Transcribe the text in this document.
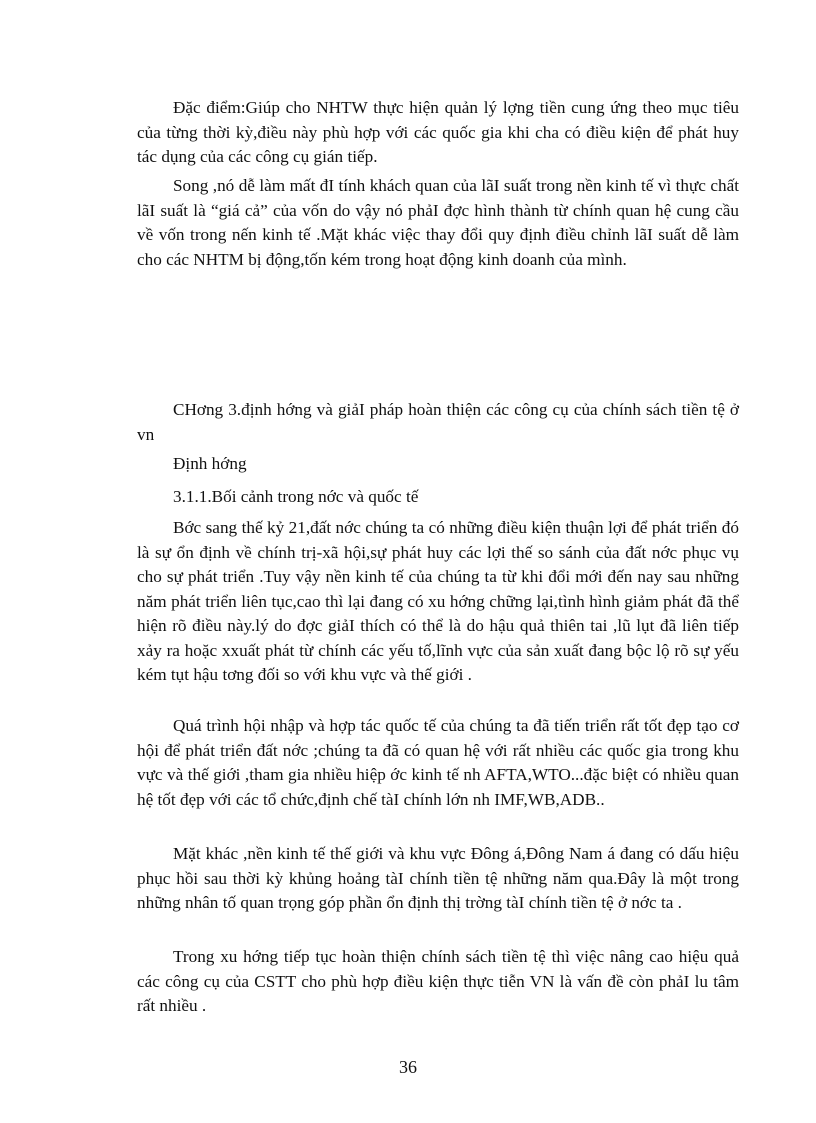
Đặc điểm:Giúp cho NHTW thực hiện quản lý lợng tiền cung ứng theo mục tiêu của từng thời kỳ,điều này phù hợp với các quốc gia khi cha có điều kiện để phát huy tác dụng của các công cụ gián tiếp.

Song ,nó dễ làm mất đI tính khách quan của lãI suất trong nền kinh tế vì thực chất lãI suất là “giá cả” của vốn do vậy nó phảI đợc hình thành từ chính quan hệ cung cầu về vốn trong nến kinh tế .Mặt khác việc thay đổi quy định điều chỉnh lãI suất dễ làm cho các NHTM bị động,tốn kém trong hoạt động kinh doanh của mình.

CHơng 3.định hớng và giảI pháp hoàn thiện các công cụ của chính sách tiền tệ ở vn

Định hớng

3.1.1.Bối cảnh trong nớc và quốc tế

Bớc sang thế kỷ 21,đất nớc chúng ta có những điều kiện thuận lợi để phát triển đó là sự ổn định về chính trị-xã hội,sự phát huy các lợi thế so sánh của đất nớc phục vụ cho sự phát triển .Tuy vậy nền kinh tế của chúng ta từ khi đổi mới đến nay sau những năm phát triển liên tục,cao thì lại đang có xu hớng chững lại,tình hình giảm phát đã thể hiện rõ điều này.lý do đợc giảI thích có thể là do hậu quả thiên tai ,lũ lụt đã liên tiếp xảy ra hoặc xxuất phát từ chính các yếu tố,lĩnh vực của sản xuất đang bộc lộ rõ sự yếu kém tụt hậu tơng đối so với khu vực và thế giới .

Quá trình hội nhập và hợp tác quốc tế của chúng ta đã tiến triển rất tốt đẹp tạo cơ hội để phát triển đất nớc ;chúng ta đã có quan hệ với rất nhiều các quốc gia trong khu vực và thế giới ,tham gia nhiều hiệp ớc kinh tế nh AFTA,WTO...đặc biệt có nhiều quan hệ tốt đẹp với các tổ chức,định chế tàI chính lớn nh IMF,WB,ADB..

Mặt khác ,nền kinh tế thế giới và khu vực Đông á,Đông Nam á đang có dấu hiệu phục hồi sau thời kỳ khủng hoảng tàI chính tiền tệ những năm qua.Đây là một trong những nhân tố quan trọng góp phần ổn định thị trờng tàI chính tiền tệ ở nớc ta .

Trong xu hớng tiếp tục hoàn thiện chính sách tiền tệ thì việc nâng cao hiệu quả các công cụ của CSTT cho phù hợp điều kiện thực tiễn VN là vấn đề còn phảI lu tâm rất nhiều .

36
